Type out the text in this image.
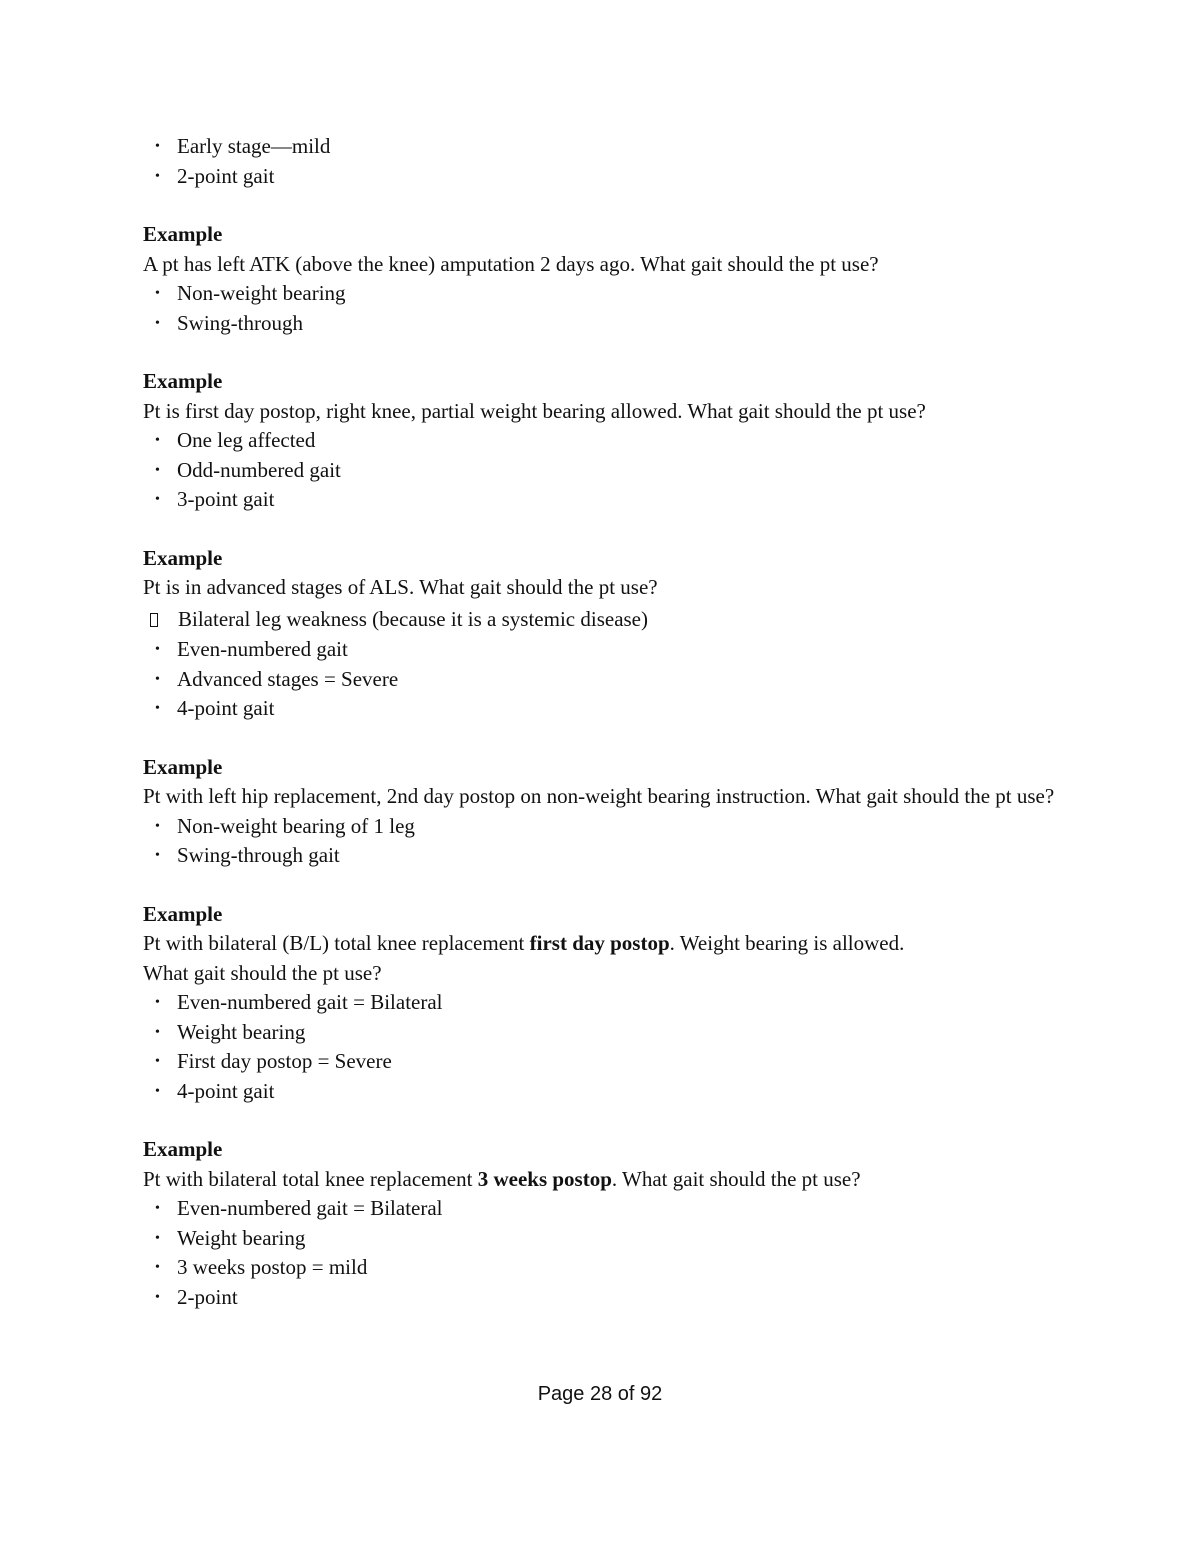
• Early stage—mild
• 2-point gait
Example

A pt has left ATK (above the knee) amputation 2 days ago. What gait should the pt use?

• Non-weight bearing
• Swing-through
Example

Pt is first day postop, right knee, partial weight bearing allowed. What gait should the pt use?

• One leg affected
• Odd-numbered gait
• 3-point gait
Example

Pt is in advanced stages of ALS. What gait should the pt use?

Bilateral leg weakness (because it is a systemic disease)
• Even-numbered gait
• Advanced stages = Severe
• 4-point gait
Example

Pt with left hip replacement, 2nd day postop on non-weight bearing instruction. What gait should the pt use?

• Non-weight bearing of 1 leg
• Swing-through gait
Example

Pt with bilateral (B/L) total knee replacement first day postop. Weight bearing is allowed.
What gait should the pt use?

• Even-numbered gait = Bilateral
• Weight bearing
• First day postop = Severe
• 4-point gait
Example

Pt with bilateral total knee replacement 3 weeks postop. What gait should the pt use?

• Even-numbered gait = Bilateral
• Weight bearing
• 3 weeks postop = mild
• 2-point
Page 28 of 92
